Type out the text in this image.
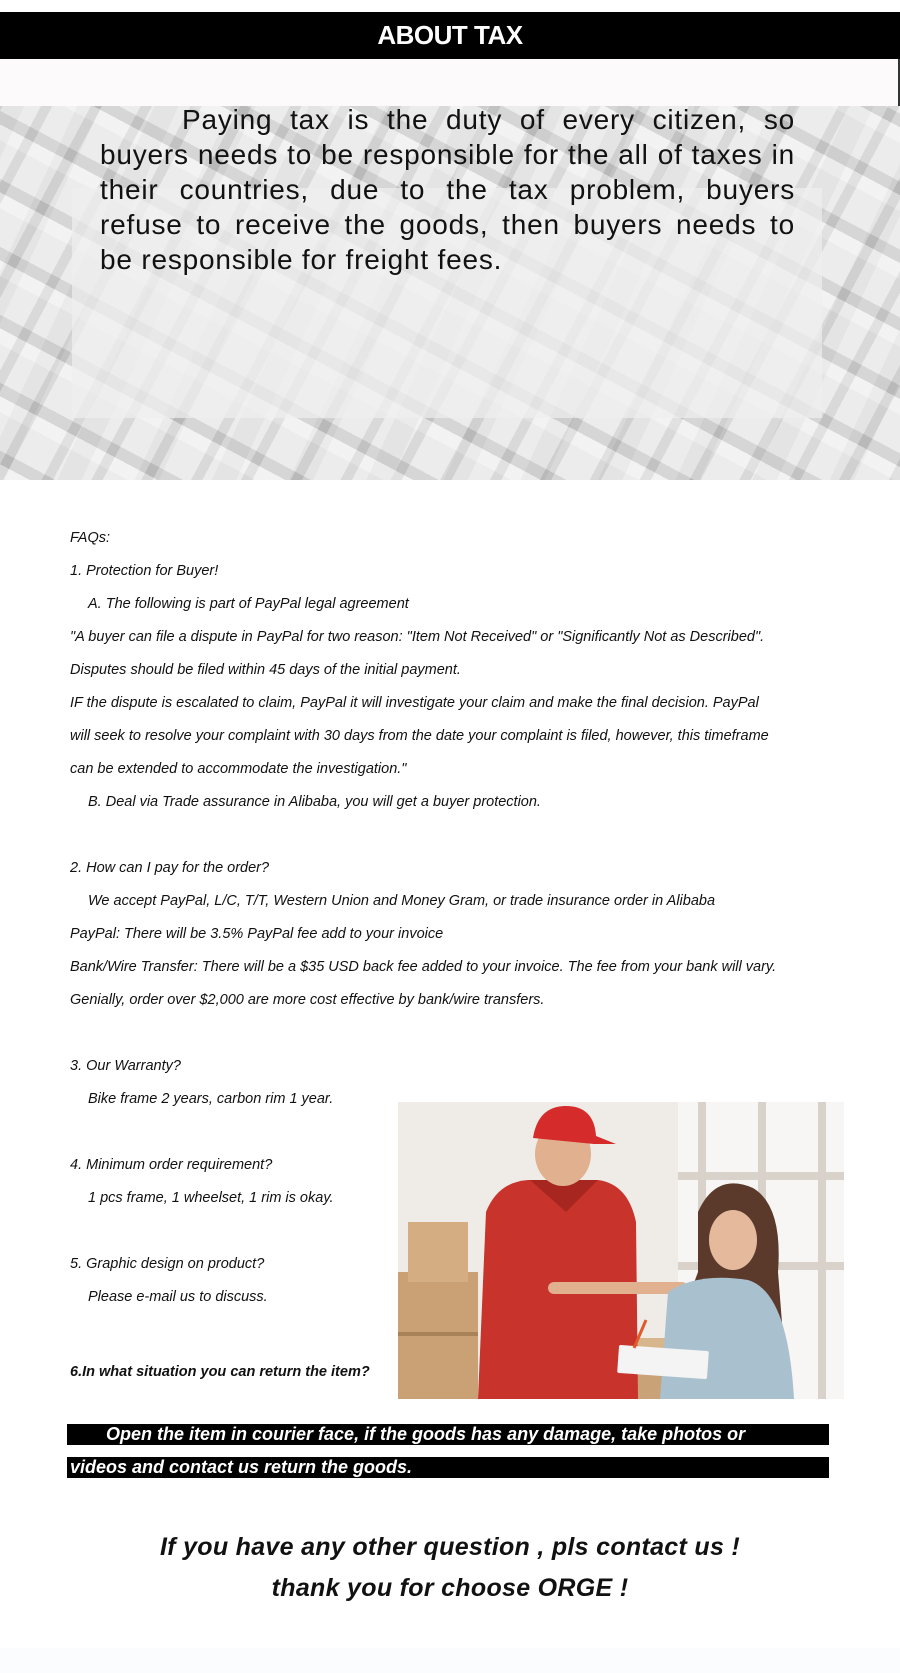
ABOUT TAX
Paying tax is the duty of every citizen, so buyers needs to be responsible for the all of taxes in their countries, due to the tax problem, buyers refuse to receive the goods, then buyers needs to be responsible for freight fees.

FAQs:

1. Protection for Buyer!

A. The following is part of PayPal legal agreement

"A buyer can file a dispute in PayPal for two reason: "Item Not Received" or "Significantly Not as Described".

Disputes should be filed within 45 days of the initial payment.

IF the dispute is escalated to claim, PayPal it will investigate your claim and make the final decision. PayPal

will seek to resolve your complaint with 30 days from the date your complaint is filed, however, this timeframe

can be extended to accommodate the investigation."

B. Deal via Trade assurance in Alibaba, you will get a buyer protection.

2. How can I pay for the order?

We accept PayPal, L/C, T/T, Western Union and Money Gram, or trade insurance order in Alibaba

PayPal: There will be 3.5% PayPal fee add to your invoice

Bank/Wire Transfer: There will be a $35 USD back fee added to your invoice. The fee from your bank will vary.

Genially, order over $2,000 are more cost effective by bank/wire transfers.

3. Our Warranty?

Bike frame 2 years, carbon rim 1 year.

4. Minimum order requirement?

1 pcs frame, 1 wheelset, 1 rim is okay.

5. Graphic design on product?

Please e-mail us to discuss.

6.In what situation you can return the item?

Open the item in courier face, if the goods has any damage, take photos or
videos and contact us return the goods.
If you have any other question , pls contact us !
thank you for choose ORGE !
